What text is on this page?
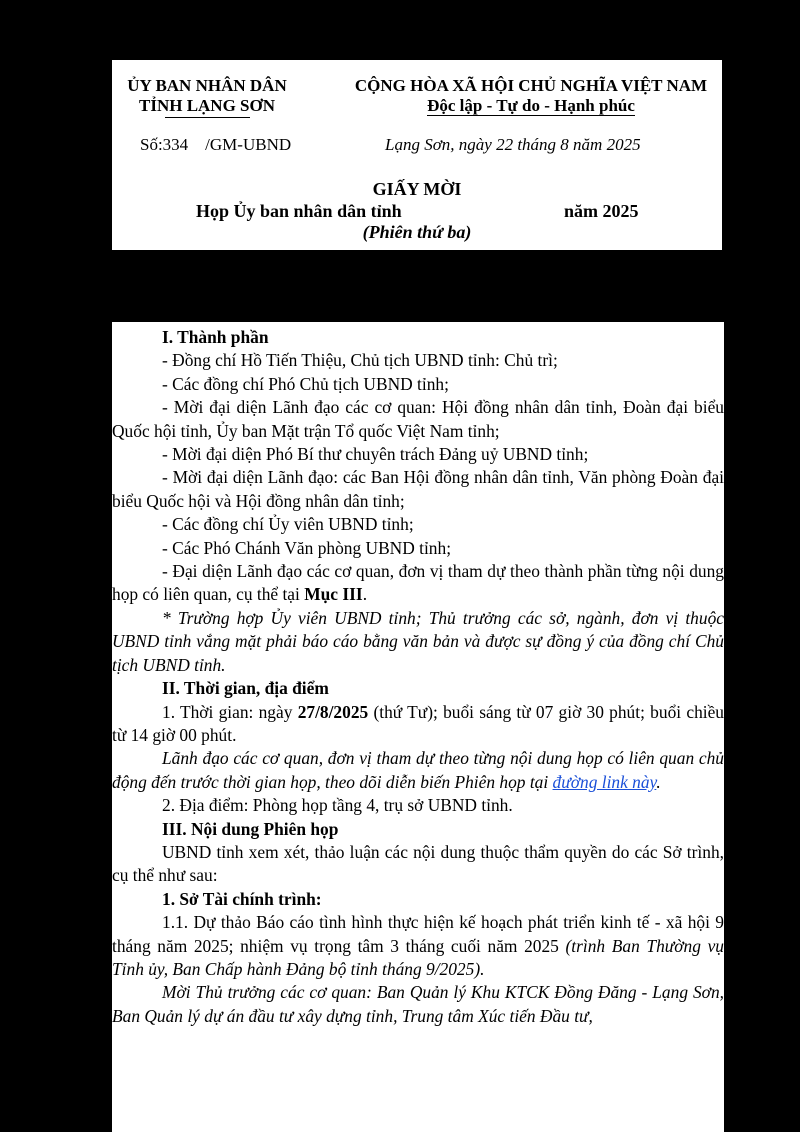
ỦY BAN NHÂN DÂN
TỈNH LẠNG SƠN
CỘNG HÒA XÃ HỘI CHỦ NGHĨA VIỆT NAM
Độc lập - Tự do - Hạnh phúc
Số:334    /GM-UBND	Lạng Sơn, ngày 22 tháng 8 năm 2025
GIẤY MỜI
Họp Ủy ban nhân dân tỉnh	năm 2025
(Phiên thứ ba)

I. Thành phần

- Đồng chí Hồ Tiến Thiệu, Chủ tịch UBND tỉnh: Chủ trì;

- Các đồng chí Phó Chủ tịch UBND tỉnh;

- Mời đại diện Lãnh đạo các cơ quan: Hội đồng nhân dân tỉnh, Đoàn đại biểu Quốc hội tỉnh, Ủy ban Mặt trận Tổ quốc Việt Nam tỉnh;

- Mời đại diện Phó Bí thư chuyên trách Đảng uỷ UBND tỉnh;

- Mời đại diện Lãnh đạo: các Ban Hội đồng nhân dân tỉnh, Văn phòng Đoàn đại biểu Quốc hội và Hội đồng nhân dân tỉnh;

- Các đồng chí Ủy viên UBND tỉnh;

- Các Phó Chánh Văn phòng UBND tỉnh;

- Đại diện Lãnh đạo các cơ quan, đơn vị tham dự theo thành phần từng nội dung họp có liên quan, cụ thể tại Mục III.

* Trường hợp Ủy viên UBND tỉnh; Thủ trưởng các sở, ngành, đơn vị thuộc UBND tỉnh vắng mặt phải báo cáo bằng văn bản và được sự đồng ý của đồng chí Chủ tịch UBND tỉnh.

II. Thời gian, địa điểm

1. Thời gian: ngày 27/8/2025 (thứ Tư); buổi sáng từ 07 giờ 30 phút; buổi chiều từ 14 giờ 00 phút.

Lãnh đạo các cơ quan, đơn vị tham dự theo từng nội dung họp có liên quan chủ động đến trước thời gian họp, theo dõi diễn biến Phiên họp tại đường link này.

2. Địa điểm: Phòng họp tầng 4, trụ sở UBND tỉnh.

III. Nội dung Phiên họp

UBND tỉnh xem xét, thảo luận các nội dung thuộc thẩm quyền do các Sở trình, cụ thể như sau:

1. Sở Tài chính trình:

1.1. Dự thảo Báo cáo tình hình thực hiện kế hoạch phát triển kinh tế - xã hội 9 tháng năm 2025; nhiệm vụ trọng tâm 3 tháng cuối năm 2025 (trình Ban Thường vụ Tỉnh ủy, Ban Chấp hành Đảng bộ tỉnh tháng 9/2025).

Mời Thủ trưởng các cơ quan: Ban Quản lý Khu KTCK Đồng Đăng - Lạng Sơn, Ban Quản lý dự án đầu tư xây dựng tỉnh, Trung tâm Xúc tiến Đầu tư,
